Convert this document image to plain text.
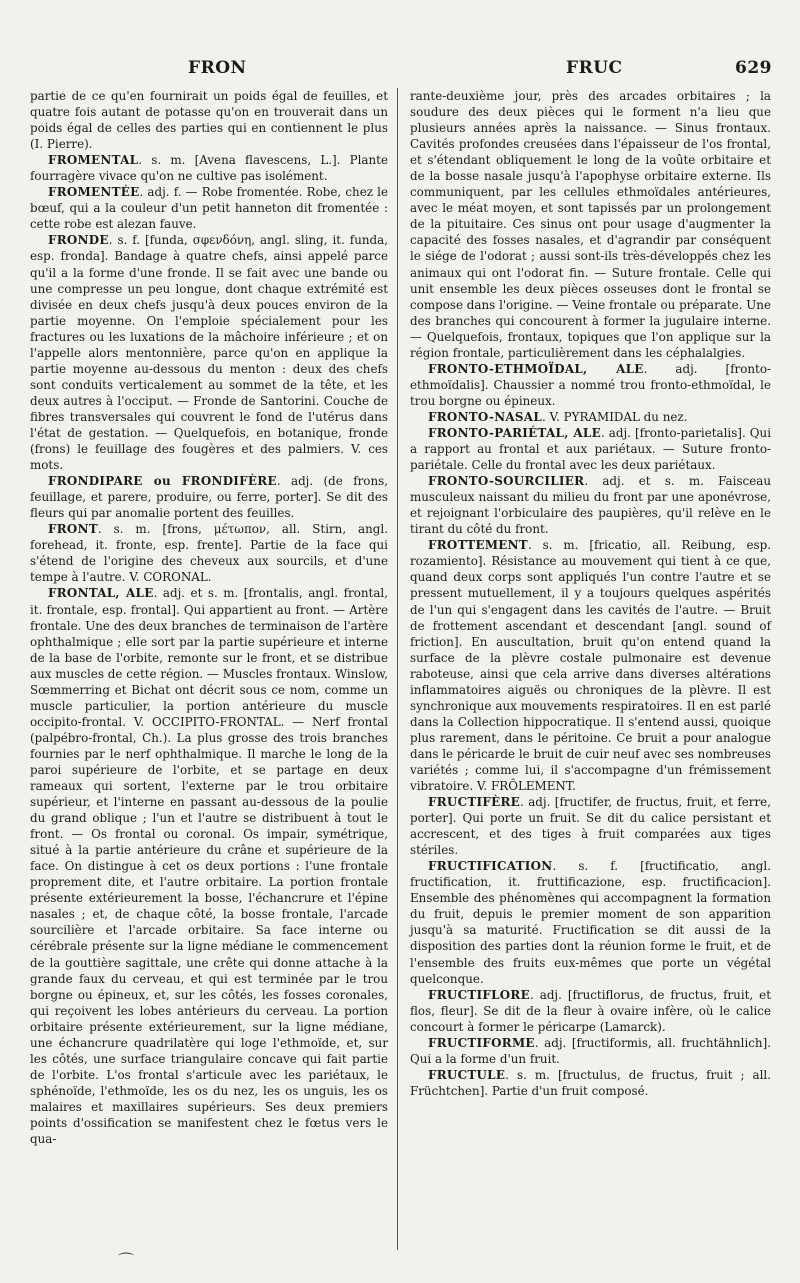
FRON	FRUC	629

partie de ce qu'en fournirait un poids égal de feuilles, et quatre fois autant de potasse qu'on en trouverait dans un poids égal de celles des parties qui en contiennent le plus (I. Pierre).

FROMENTAL. s. m. [Avena flavescens, L.]. Plante fourragère vivace qu'on ne cultive pas isolément.

FROMENTÉE. adj. f. — Robe fromentée. Robe, chez le bœuf, qui a la couleur d'un petit hanneton dit fromentée : cette robe est alezan fauve.

FRONDE. s. f. [funda, σφενδόνη, angl. sling, it. funda, esp. fronda]. Bandage à quatre chefs, ainsi appelé parce qu'il a la forme d'une fronde. Il se fait avec une bande ou une compresse un peu longue, dont chaque extrémité est divisée en deux chefs jusqu'à deux pouces environ de la partie moyenne. On l'emploie spécialement pour les fractures ou les luxations de la mâchoire inférieure ; et on l'appelle alors mentonnière, parce qu'on en applique la partie moyenne au-dessous du menton : deux des chefs sont conduits verticalement au sommet de la tête, et les deux autres à l'occiput. — Fronde de Santorini. Couche de fibres transversales qui couvrent le fond de l'utérus dans l'état de gestation. — Quelquefois, en botanique, fronde (frons) le feuillage des fougères et des palmiers. V. ces mots.

FRONDIPARE ou FRONDIFÈRE. adj. (de frons, feuillage, et parere, produire, ou ferre, porter]. Se dit des fleurs qui par anomalie portent des feuilles.

FRONT. s. m. [frons, μέτωπον, all. Stirn, angl. forehead, it. fronte, esp. frente]. Partie de la face qui s'étend de l'origine des cheveux aux sourcils, et d'une tempe à l'autre. V. CORONAL.

FRONTAL, ALE. adj. et s. m. [frontalis, angl. frontal, it. frontale, esp. frontal]. Qui appartient au front. — Artère frontale. Une des deux branches de terminaison de l'artère ophthalmique ; elle sort par la partie supérieure et interne de la base de l'orbite, remonte sur le front, et se distribue aux muscles de cette région. — Muscles frontaux. Winslow, Sœmmerring et Bichat ont décrit sous ce nom, comme un muscle particulier, la portion antérieure du muscle occipito-frontal. V. OCCIPITO-FRONTAL. — Nerf frontal (palpébro-frontal, Ch.). La plus grosse des trois branches fournies par le nerf ophthalmique. Il marche le long de la paroi supérieure de l'orbite, et se partage en deux rameaux qui sortent, l'externe par le trou orbitaire supérieur, et l'interne en passant au-dessous de la poulie du grand oblique ; l'un et l'autre se distribuent à tout le front. — Os frontal ou coronal. Os impair, symétrique, situé à la partie antérieure du crâne et supérieure de la face. On distingue à cet os deux portions : l'une frontale proprement dite, et l'autre orbitaire. La portion frontale présente extérieurement la bosse, l'échancrure et l'épine nasales ; et, de chaque côté, la bosse frontale, l'arcade sourcilière et l'arcade orbitaire. Sa face interne ou cérébrale présente sur la ligne médiane le commencement de la gouttière sagittale, une crête qui donne attache à la grande faux du cerveau, et qui est terminée par le trou borgne ou épineux, et, sur les côtés, les fosses coronales, qui reçoivent les lobes antérieurs du cerveau. La portion orbitaire présente extérieurement, sur la ligne médiane, une échancrure quadrilatère qui loge l'ethmoïde, et, sur les côtés, une surface triangulaire concave qui fait partie de l'orbite. L'os frontal s'articule avec les pariétaux, le sphénoïde, l'ethmoïde, les os du nez, les os unguis, les os malaires et maxillaires supérieurs. Ses deux premiers points d'ossification se manifestent chez le fœtus vers le qua-

rante-deuxième jour, près des arcades orbitaires ; la soudure des deux pièces qui le forment n'a lieu que plusieurs années après la naissance. — Sinus frontaux. Cavités profondes creusées dans l'épaisseur de l'os frontal, et s'étendant obliquement le long de la voûte orbitaire et de la bosse nasale jusqu'à l'apophyse orbitaire externe. Ils communiquent, par les cellules ethmoïdales antérieures, avec le méat moyen, et sont tapissés par un prolongement de la pituitaire. Ces sinus ont pour usage d'augmenter la capacité des fosses nasales, et d'agrandir par conséquent le siége de l'odorat ; aussi sont-ils très-développés chez les animaux qui ont l'odorat fin. — Suture frontale. Celle qui unit ensemble les deux pièces osseuses dont le frontal se compose dans l'origine. — Veine frontale ou préparate. Une des branches qui concourent à former la jugulaire interne. — Quelquefois, frontaux, topiques que l'on applique sur la région frontale, particulièrement dans les céphalalgies.

FRONTO-ETHMOÏDAL, ALE. adj. [fronto-ethmoïdalis]. Chaussier a nommé trou fronto-ethmoïdal, le trou borgne ou épineux.

FRONTO-NASAL. V. PYRAMIDAL du nez.

FRONTO-PARIÉTAL, ALE. adj. [fronto-parietalis]. Qui a rapport au frontal et aux pariétaux. — Suture fronto-pariétale. Celle du frontal avec les deux pariétaux.

FRONTO-SOURCILIER. adj. et s. m. Faisceau musculeux naissant du milieu du front par une aponévrose, et rejoignant l'orbiculaire des paupières, qu'il relève en le tirant du côté du front.

FROTTEMENT. s. m. [fricatio, all. Reibung, esp. rozamiento]. Résistance au mouvement qui tient à ce que, quand deux corps sont appliqués l'un contre l'autre et se pressent mutuellement, il y a toujours quelques aspérités de l'un qui s'engagent dans les cavités de l'autre. — Bruit de frottement ascendant et descendant [angl. sound of friction]. En auscultation, bruit qu'on entend quand la surface de la plèvre costale pulmonaire est devenue raboteuse, ainsi que cela arrive dans diverses altérations inflammatoires aiguës ou chroniques de la plèvre. Il est synchronique aux mouvements respiratoires. Il en est parlé dans la Collection hippocratique. Il s'entend aussi, quoique plus rarement, dans le péritoine. Ce bruit a pour analogue dans le péricarde le bruit de cuir neuf avec ses nombreuses variétés ; comme lui, il s'accompagne d'un frémissement vibratoire. V. FRÔLEMENT.

FRUCTIFÈRE. adj. [fructifer, de fructus, fruit, et ferre, porter]. Qui porte un fruit. Se dit du calice persistant et accrescent, et des tiges à fruit comparées aux tiges stériles.

FRUCTIFICATION. s. f. [fructificatio, angl. fructification, it. fruttificazione, esp. fructificacion]. Ensemble des phénomènes qui accompagnent la formation du fruit, depuis le premier moment de son apparition jusqu'à sa maturité. Fructification se dit aussi de la disposition des parties dont la réunion forme le fruit, et de l'ensemble des fruits eux-mêmes que porte un végétal quelconque.

FRUCTIFLORE. adj. [fructiflorus, de fructus, fruit, et flos, fleur]. Se dit de la fleur à ovaire infère, où le calice concourt à former le péricarpe (Lamarck).

FRUCTIFORME. adj. [fructiformis, all. fruchtähnlich]. Qui a la forme d'un fruit.

FRUCTULE. s. m. [fructulus, de fructus, fruit ; all. Früchtchen]. Partie d'un fruit composé.

⌒
